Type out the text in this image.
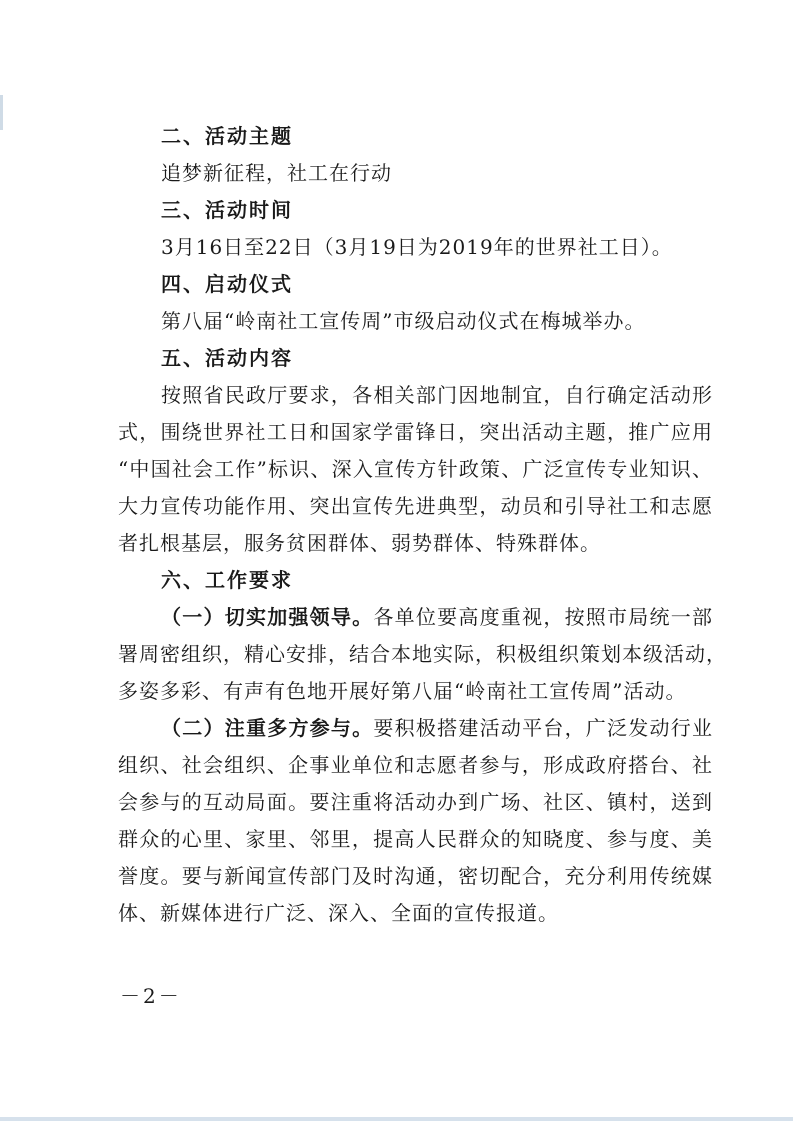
二、活动主题
追梦新征程，社工在行动
三、活动时间
3月16日至22日（3月19日为2019年的世界社工日）。
四、启动仪式
第八届“岭南社工宣传周”市级启动仪式在梅城举办。
五、活动内容
按照省民政厅要求，各相关部门因地制宜，自行确定活动形
式，围绕世界社工日和国家学雷锋日，突出活动主题，推广应用
“中国社会工作”标识、深入宣传方针政策、广泛宣传专业知识、
大力宣传功能作用、突出宣传先进典型，动员和引导社工和志愿
者扎根基层，服务贫困群体、弱势群体、特殊群体。
六、工作要求
（一）切实加强领导。各单位要高度重视，按照市局统一部
署周密组织，精心安排，结合本地实际，积极组织策划本级活动，
多姿多彩、有声有色地开展好第八届“岭南社工宣传周”活动。
（二）注重多方参与。要积极搭建活动平台，广泛发动行业
组织、社会组织、企事业单位和志愿者参与，形成政府搭台、社
会参与的互动局面。要注重将活动办到广场、社区、镇村，送到
群众的心里、家里、邻里，提高人民群众的知晓度、参与度、美
誉度。要与新闻宣传部门及时沟通，密切配合，充分利用传统媒
体、新媒体进行广泛、深入、全面的宣传报道。
－2－
